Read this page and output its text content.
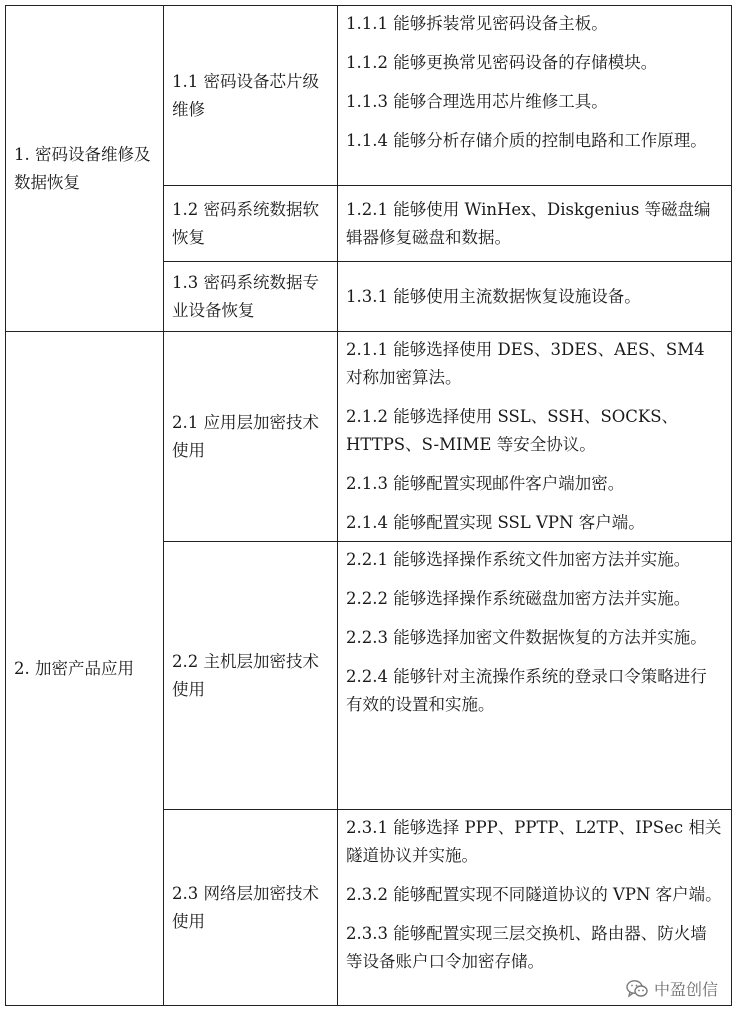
1. 密码设备维修及数据恢复	1.1 密码设备芯片级维修	1.1.1 能够拆装常见密码设备主板。
1.1.2 能够更换常见密码设备的存储模块。
1.1.3 能够合理选用芯片维修工具。
1.1.4 能够分析存储介质的控制电路和工作原理。

	1.2 密码系统数据软恢复	1.2.1 能够使用 WinHex、Diskgenius 等磁盘编辑器修复磁盘和数据。

	1.3 密码系统数据专业设备恢复	1.3.1 能够使用主流数据恢复设施设备。

2. 加密产品应用	2.1 应用层加密技术使用	2.1.1 能够选择使用 DES、3DES、AES、SM4 对称加密算法。
2.1.2 能够选择使用 SSL、SSH、SOCKS、HTTPS、S-MIME 等安全协议。
2.1.3 能够配置实现邮件客户端加密。
2.1.4 能够配置实现 SSL VPN 客户端。

	2.2 主机层加密技术使用	2.2.1 能够选择操作系统文件加密方法并实施。
2.2.2 能够选择操作系统磁盘加密方法并实施。
2.2.3 能够选择加密文件数据恢复的方法并实施。
2.2.4 能够针对主流操作系统的登录口令策略进行有效的设置和实施。

	2.3 网络层加密技术使用	2.3.1 能够选择 PPP、PPTP、L2TP、IPSec 相关隧道协议并实施。
2.3.2 能够配置实现不同隧道协议的 VPN 客户端。
2.3.3 能够配置实现三层交换机、路由器、防火墙等设备账户口令加密存储。
中盈创信
